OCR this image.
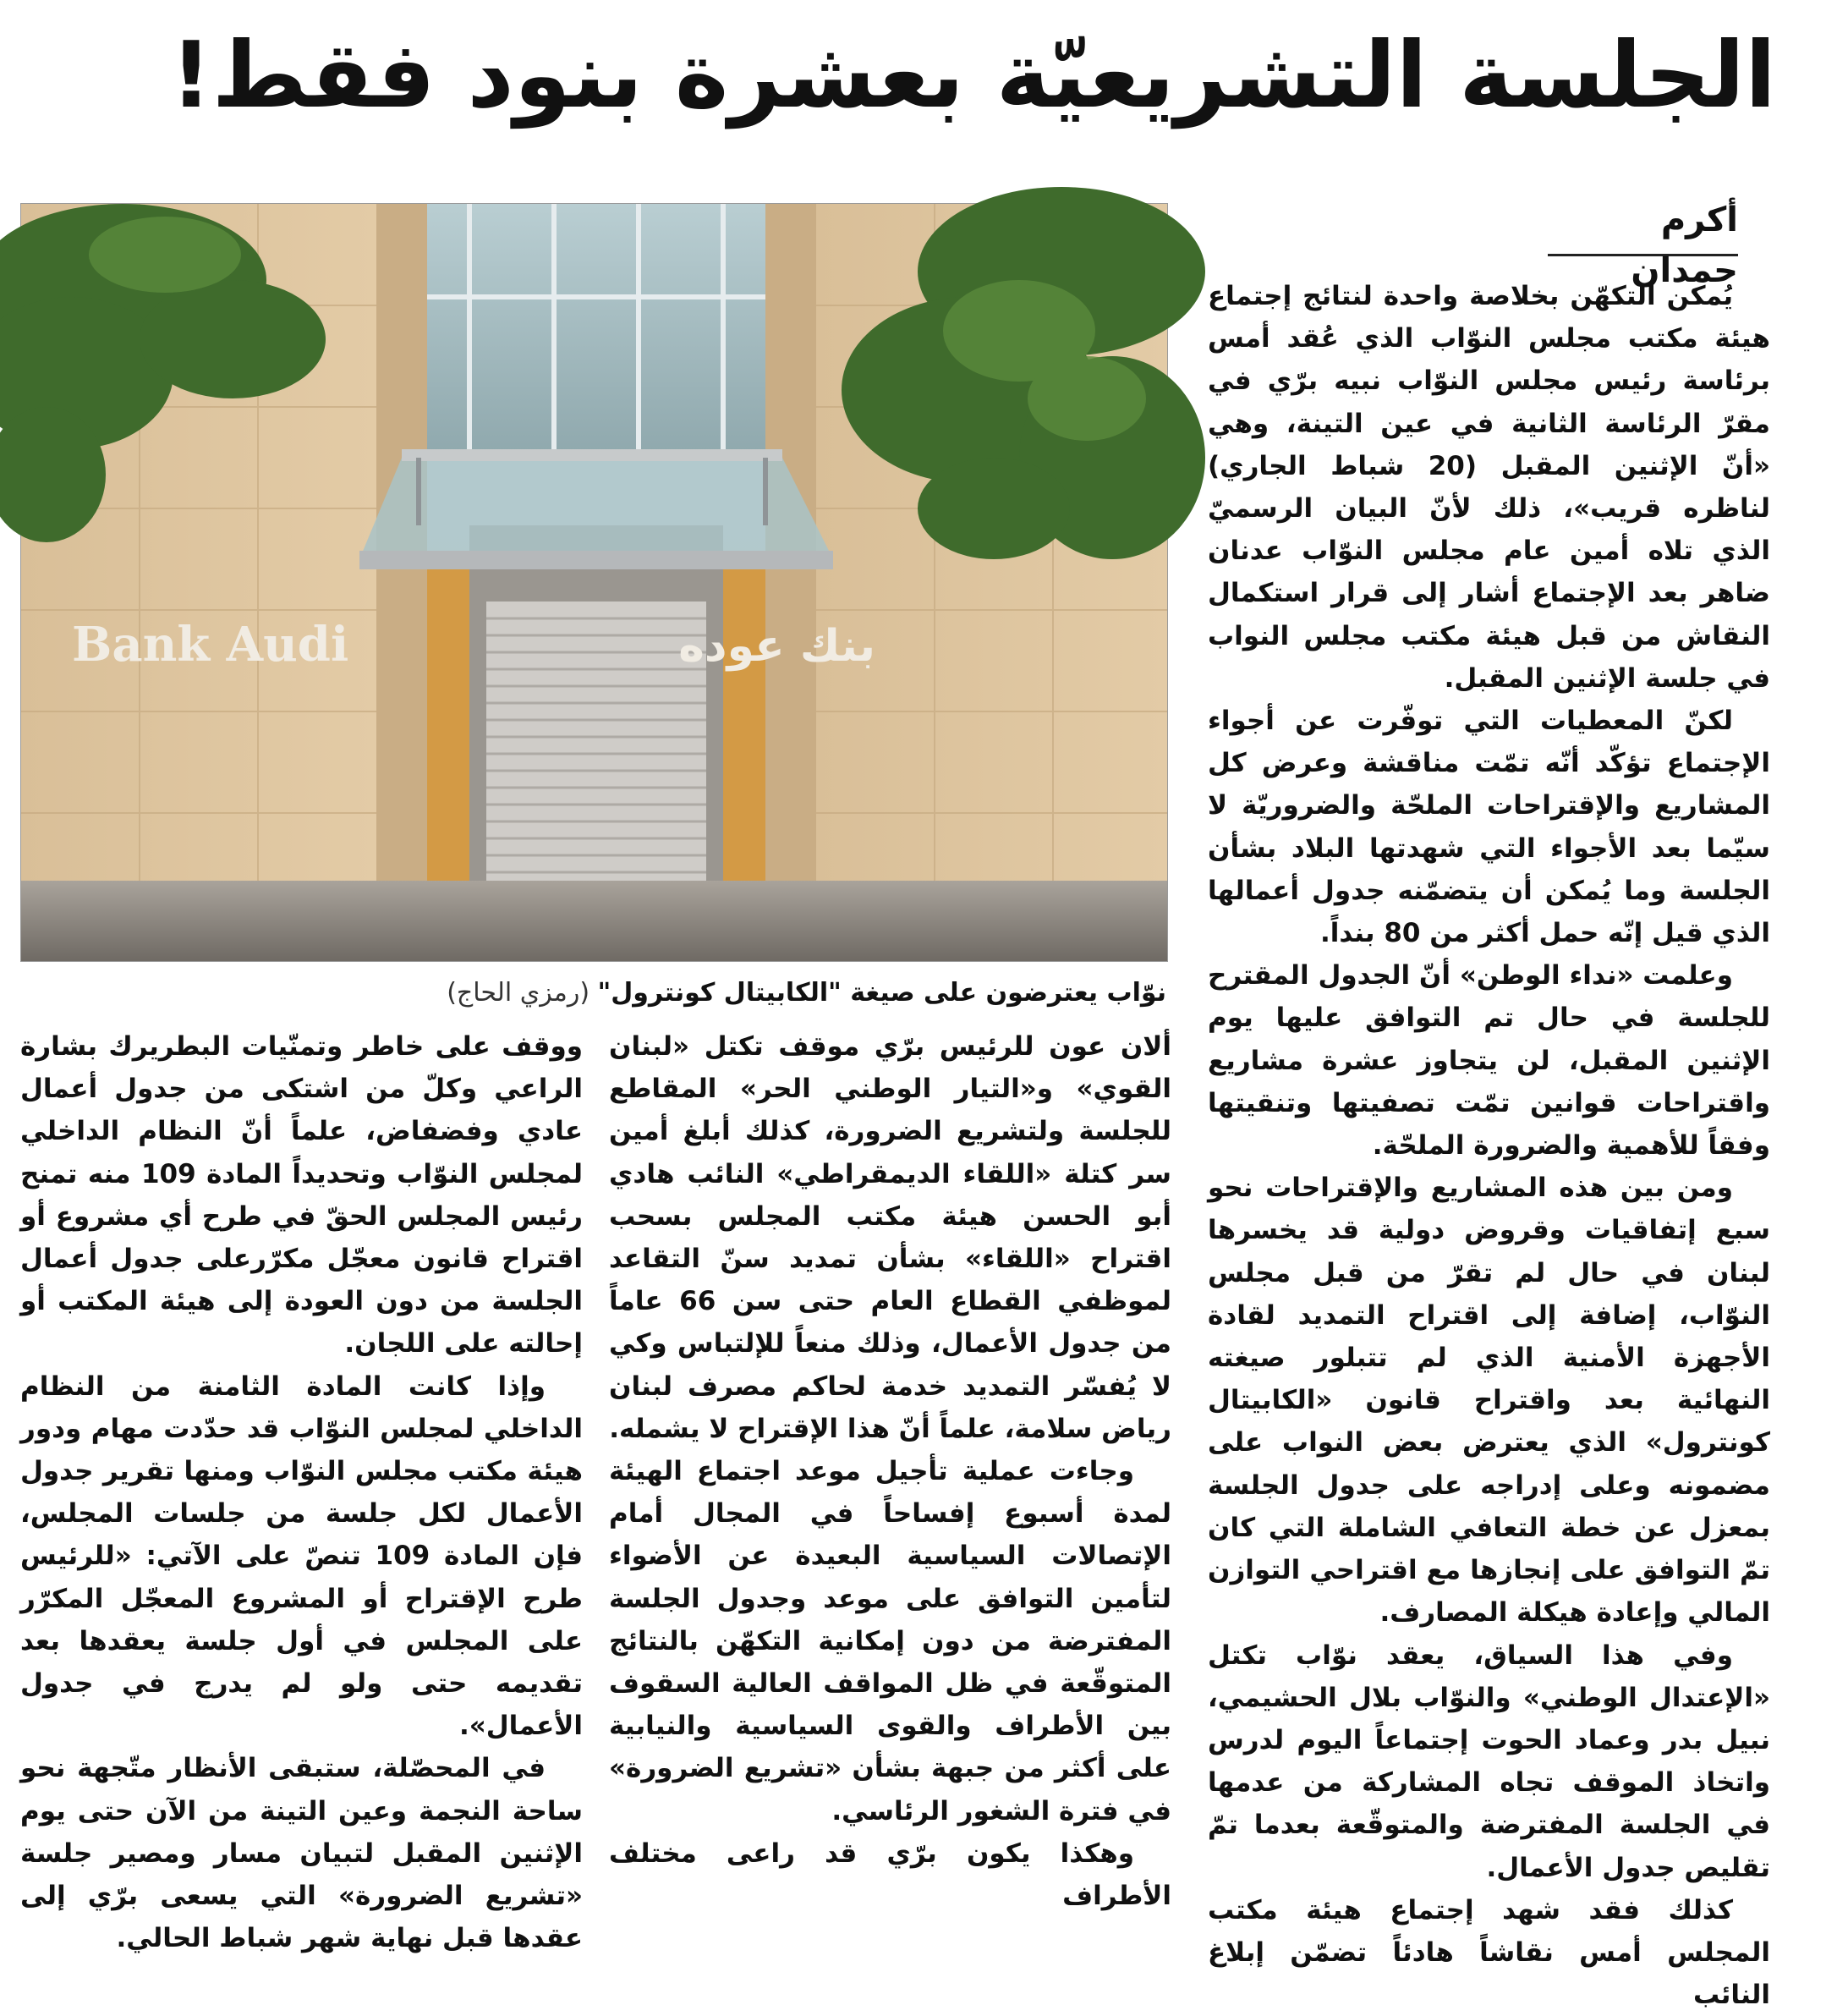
الجلسة التشريعيّة بعشرة بنود فقط!
أكرم حمدان
Bank Audi	بنك عوده
نوّاب يعترضون على صيغة "الكابيتال كونترول" (رمزي الحاج)

يُمكن التكهّن بخلاصة واحدة لنتائج إجتماع هيئة مكتب مجلس النوّاب الذي عُقد أمس برئاسة رئيس مجلس النوّاب نبيه برّي في مقرّ الرئاسة الثانية في عين التينة، وهي «أنّ الإثنين المقبل (20 شباط الجاري) لناظره قريب»، ذلك لأنّ البيان الرسميّ الذي تلاه أمين عام مجلس النوّاب عدنان ضاهر بعد الإجتماع أشار إلى قرار استكمال النقاش من قبل هيئة مكتب مجلس النواب في جلسة الإثنين المقبل.

لكنّ المعطيات التي توفّرت عن أجواء الإجتماع تؤكّد أنّه تمّت مناقشة وعرض كل المشاريع والإقتراحات الملحّة والضروريّة لا سيّما بعد الأجواء التي شهدتها البلاد بشأن الجلسة وما يُمكن أن يتضمّنه جدول أعمالها الذي قيل إنّه حمل أكثر من 80 بنداً.

وعلمت «نداء الوطن» أنّ الجدول المقترح للجلسة في حال تم التوافق عليها يوم الإثنين المقبل، لن يتجاوز عشرة مشاريع واقتراحات قوانين تمّت تصفيتها وتنقيتها وفقاً للأهمية والضرورة الملحّة.

ومن بين هذه المشاريع والإقتراحات نحو سبع إتفاقيات وقروض دولية قد يخسرها لبنان في حال لم تقرّ من قبل مجلس النوّاب، إضافة إلى اقتراح التمديد لقادة الأجهزة الأمنية الذي لم تتبلور صيغته النهائية بعد واقتراح قانون «الكابيتال كونترول» الذي يعترض بعض النواب على مضمونه وعلى إدراجه على جدول الجلسة بمعزل عن خطة التعافي الشاملة التي كان تمّ التوافق على إنجازها مع اقتراحي التوازن المالي وإعادة هيكلة المصارف.

وفي هذا السياق، يعقد نوّاب تكتل «الإعتدال الوطني» والنوّاب بلال الحشيمي، نبيل بدر وعماد الحوت إجتماعاً اليوم لدرس واتخاذ الموقف تجاه المشاركة من عدمها في الجلسة المفترضة والمتوقّعة بعدما تمّ تقليص جدول الأعمال.

كذلك فقد شهد إجتماع هيئة مكتب المجلس أمس نقاشاً هادئاً تضمّن إبلاغ النائب

ألان عون للرئيس برّي موقف تكتل «لبنان القوي» و«التيار الوطني الحر» المقاطع للجلسة ولتشريع الضرورة، كذلك أبلغ أمين سر كتلة «اللقاء الديمقراطي» النائب هادي أبو الحسن هيئة مكتب المجلس بسحب اقتراح «اللقاء» بشأن تمديد سنّ التقاعد لموظفي القطاع العام حتى سن 66 عاماً من جدول الأعمال، وذلك منعاً للإلتباس وكي لا يُفسّر التمديد خدمة لحاكم مصرف لبنان رياض سلامة، علماً أنّ هذا الإقتراح لا يشمله.

وجاءت عملية تأجيل موعد اجتماع الهيئة لمدة أسبوع إفساحاً في المجال أمام الإتصالات السياسية البعيدة عن الأضواء لتأمين التوافق على موعد وجدول الجلسة المفترضة من دون إمكانية التكهّن بالنتائج المتوقّعة في ظل المواقف العالية السقوف بين الأطراف والقوى السياسية والنيابية على أكثر من جبهة بشأن «تشريع الضرورة» في فترة الشغور الرئاسي.

وهكذا يكون برّي قد راعى مختلف الأطراف

ووقف على خاطر وتمنّيات البطريرك بشارة الراعي وكلّ من اشتكى من جدول أعمال عادي وفضفاض، علماً أنّ النظام الداخلي لمجلس النوّاب وتحديداً المادة 109 منه تمنح رئيس المجلس الحقّ في طرح أي مشروع أو اقتراح قانون معجّل مكرّرعلى جدول أعمال الجلسة من دون العودة إلى هيئة المكتب أو إحالته على اللجان.

وإذا كانت المادة الثامنة من النظام الداخلي لمجلس النوّاب قد حدّدت مهام ودور هيئة مكتب مجلس النوّاب ومنها تقرير جدول الأعمال لكل جلسة من جلسات المجلس، فإن المادة 109 تنصّ على الآتي: «للرئيس طرح الإقتراح أو المشروع المعجّل المكرّر على المجلس في أول جلسة يعقدها بعد تقديمه حتى ولو لم يدرج في جدول الأعمال».

في المحصّلة، ستبقى الأنظار متّجهة نحو ساحة النجمة وعين التينة من الآن حتى يوم الإثنين المقبل لتبيان مسار ومصير جلسة «تشريع الضرورة» التي يسعى برّي إلى عقدها قبل نهاية شهر شباط الحالي.
